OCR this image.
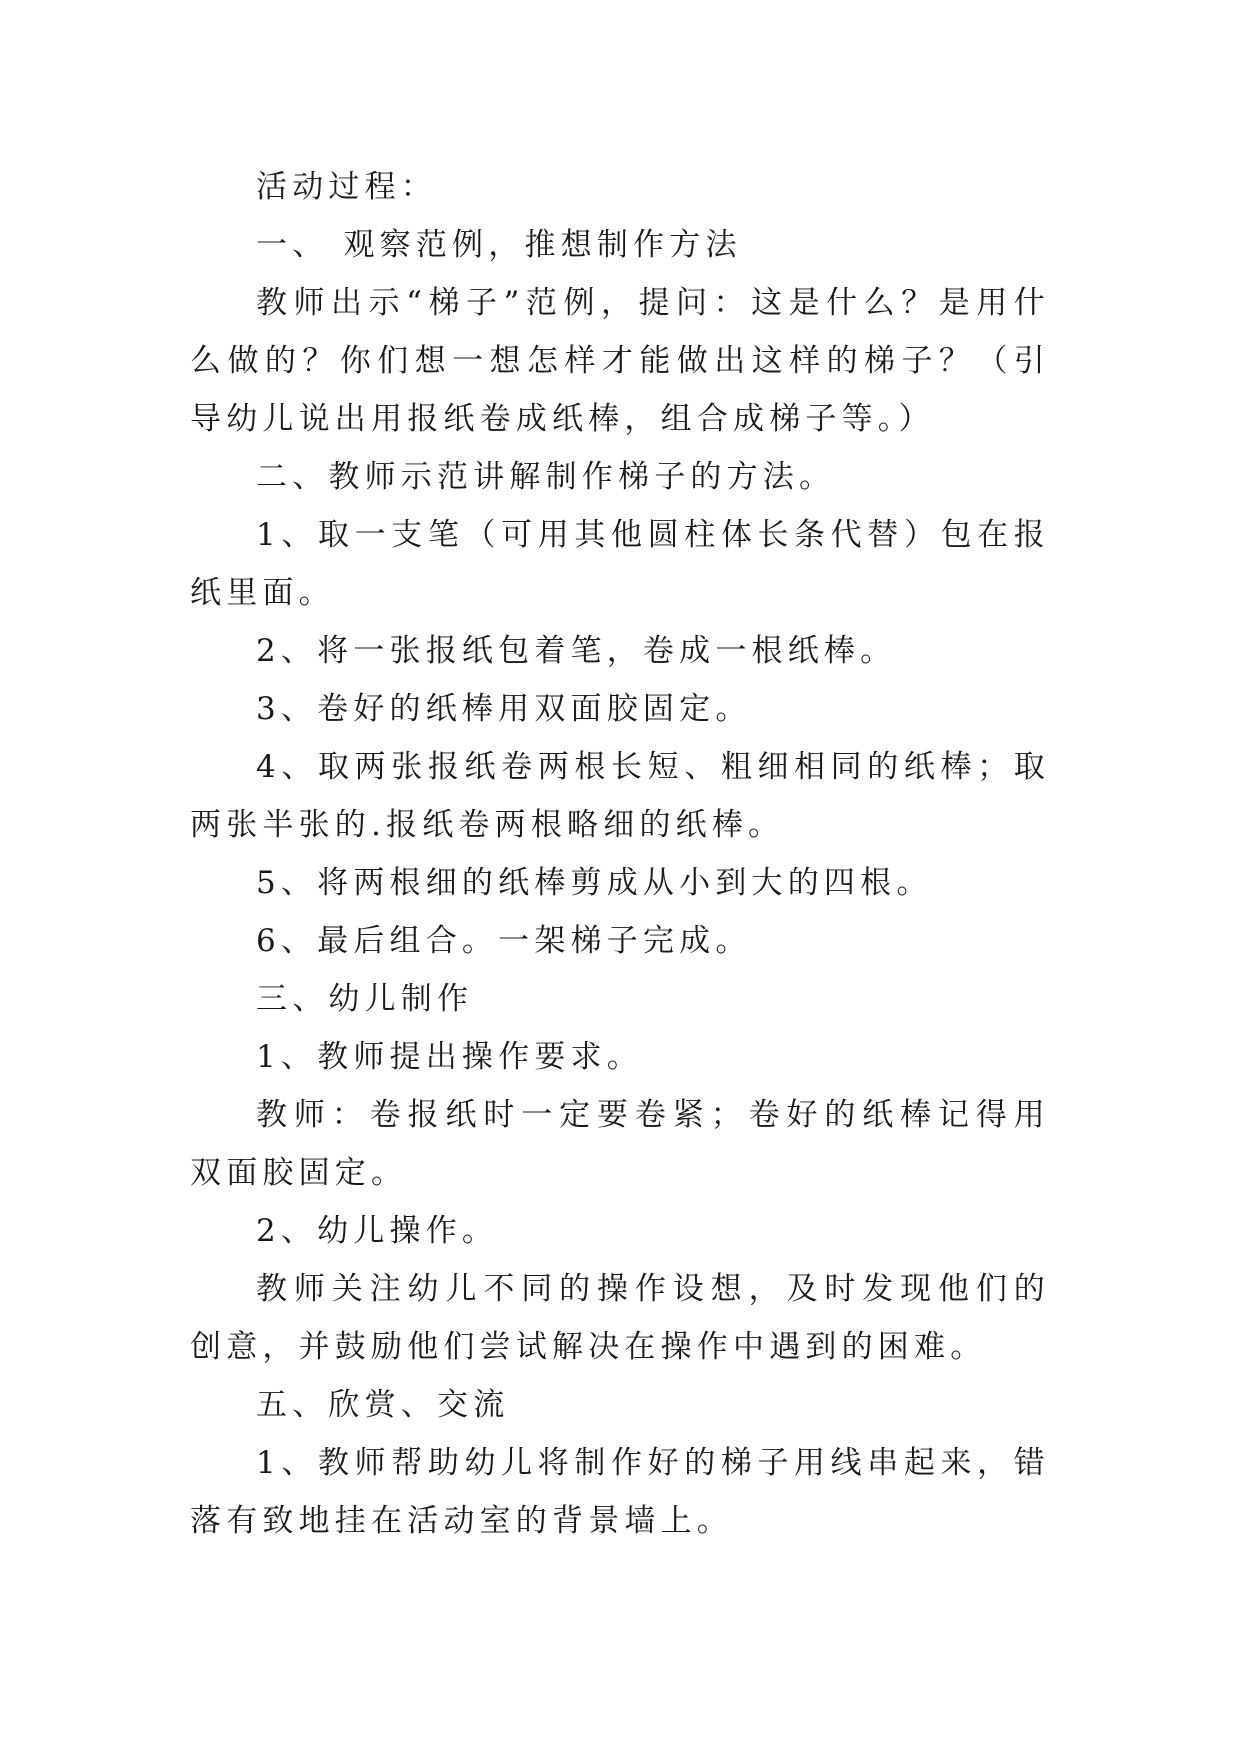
活动过程：

一、 观察范例，推想制作方法

教师出示“梯子”范例，提问：这是什么？是用什么做的？你们想一想怎样才能做出这样的梯子？（引导幼儿说出用报纸卷成纸棒，组合成梯子等。）

二、教师示范讲解制作梯子的方法。

1、取一支笔（可用其他圆柱体长条代替）包在报纸里面。

2、将一张报纸包着笔，卷成一根纸棒。

3、卷好的纸棒用双面胶固定。

4、取两张报纸卷两根长短、粗细相同的纸棒；取两张半张的.报纸卷两根略细的纸棒。

5、将两根细的纸棒剪成从小到大的四根。

6、最后组合。一架梯子完成。

三、幼儿制作

1、教师提出操作要求。

教师：卷报纸时一定要卷紧；卷好的纸棒记得用双面胶固定。

2、幼儿操作。

教师关注幼儿不同的操作设想，及时发现他们的创意，并鼓励他们尝试解决在操作中遇到的困难。

五、欣赏、交流

1、教师帮助幼儿将制作好的梯子用线串起来，错落有致地挂在活动室的背景墙上。
